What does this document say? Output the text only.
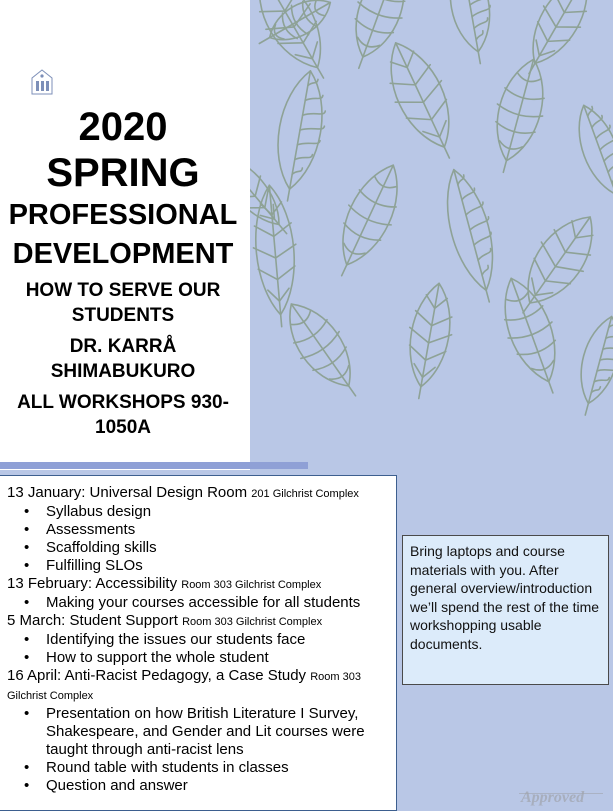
ELIZABETH CITY
STATE UNIVERSITY
2020
SPRING
PROFESSIONAL
DEVELOPMENT
HOW TO SERVE OUR STUDENTS
DR. KARRÅ SHIMABUKURO
ALL WORKSHOPS 930-1050A
13 January: Universal Design Room 201 Gilchrist Complex
• Syllabus design
• Assessments
• Scaffolding skills
• Fulfilling SLOs
13 February: Accessibility Room 303 Gilchrist Complex
• Making your courses accessible for all students
5 March: Student Support Room 303 Gilchrist Complex
• Identifying the issues our students face
• How to support the whole student
16 April: Anti-Racist Pedagogy, a Case Study Room 303 Gilchrist Complex
• Presentation on how British Literature I Survey, Shakespeare, and Gender and Lit courses were taught through anti-racist lens
• Round table with students in classes
• Question and answer
Bring laptops and course materials with you. After general overview/introduction we’ll spend the rest of the time workshopping usable documents.
Approved
